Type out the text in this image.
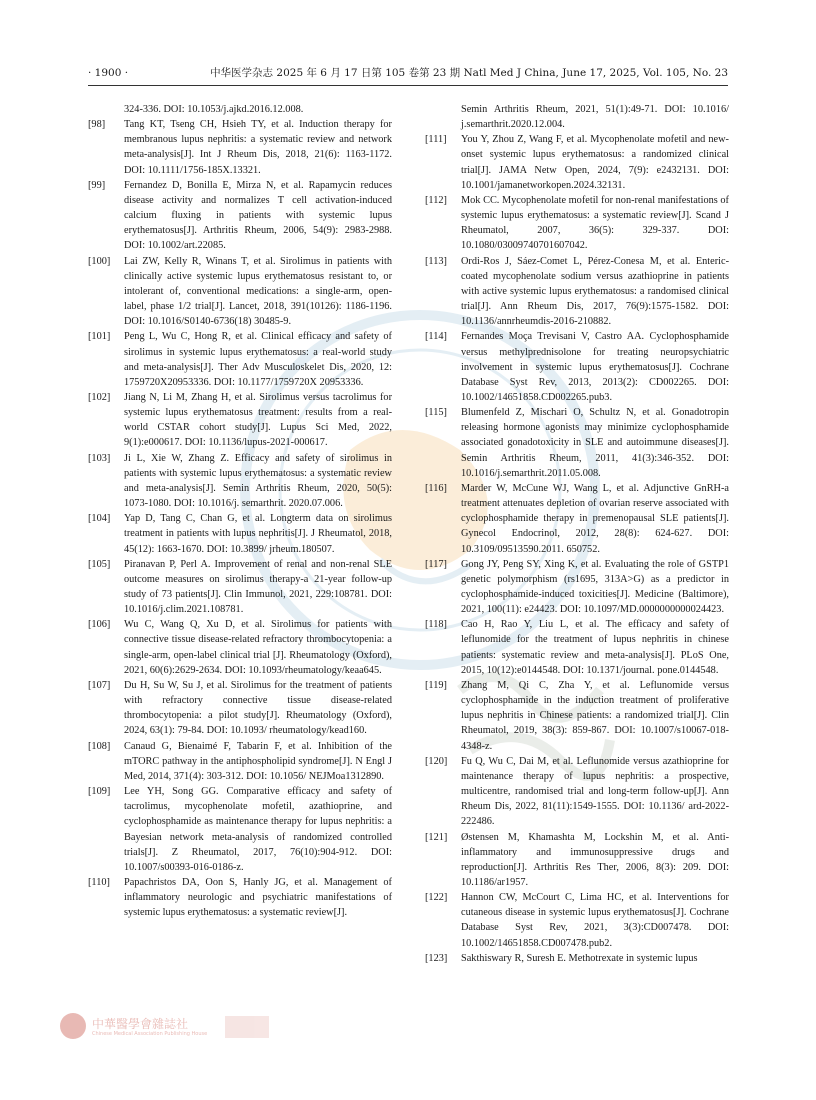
· 1900 ·	中华医学杂志 2025 年 6 月 17 日第 105 卷第 23 期 Natl Med J China, June 17, 2025, Vol. 105, No. 23
324-336. DOI: 10.1053/j.ajkd.2016.12.008.
[98] Tang KT, Tseng CH, Hsieh TY, et al. Induction therapy for membranous lupus nephritis: a systematic review and network meta-analysis[J]. Int J Rheum Dis, 2018, 21(6): 1163-1172. DOI: 10.1111/1756-185X.13321.
[99] Fernandez D, Bonilla E, Mirza N, et al. Rapamycin reduces disease activity and normalizes T cell activation-induced calcium fluxing in patients with systemic lupus erythematosus[J]. Arthritis Rheum, 2006, 54(9): 2983-2988. DOI: 10.1002/art.22085.
[100] Lai ZW, Kelly R, Winans T, et al. Sirolimus in patients with clinically active systemic lupus erythematosus resistant to, or intolerant of, conventional medications: a single-arm, open-label, phase 1/2 trial[J]. Lancet, 2018, 391(10126): 1186-1196. DOI: 10.1016/S0140-6736(18) 30485-9.
[101] Peng L, Wu C, Hong R, et al. Clinical efficacy and safety of sirolimus in systemic lupus erythematosus: a real-world study and meta-analysis[J]. Ther Adv Musculoskelet Dis, 2020, 12: 1759720X20953336. DOI: 10.1177/1759720X 20953336.
[102] Jiang N, Li M, Zhang H, et al. Sirolimus versus tacrolimus for systemic lupus erythematosus treatment: results from a real-world CSTAR cohort study[J]. Lupus Sci Med, 2022, 9(1):e000617. DOI: 10.1136/lupus-2021-000617.
[103] Ji L, Xie W, Zhang Z. Efficacy and safety of sirolimus in patients with systemic lupus erythematosus: a systematic review and meta-analysis[J]. Semin Arthritis Rheum, 2020, 50(5): 1073-1080. DOI: 10.1016/j. semarthrit. 2020.07.006.
[104] Yap D, Tang C, Chan G, et al. Longterm data on sirolimus treatment in patients with lupus nephritis[J]. J Rheumatol, 2018, 45(12): 1663-1670. DOI: 10.3899/ jrheum.180507.
[105] Piranavan P, Perl A. Improvement of renal and non-renal SLE outcome measures on sirolimus therapy-a 21-year follow-up study of 73 patients[J]. Clin Immunol, 2021, 229:108781. DOI: 10.1016/j.clim.2021.108781.
[106] Wu C, Wang Q, Xu D, et al. Sirolimus for patients with connective tissue disease-related refractory thrombocytopenia: a single-arm, open-label clinical trial [J]. Rheumatology (Oxford), 2021, 60(6):2629-2634. DOI: 10.1093/rheumatology/keaa645.
[107] Du H, Su W, Su J, et al. Sirolimus for the treatment of patients with refractory connective tissue disease-related thrombocytopenia: a pilot study[J]. Rheumatology (Oxford), 2024, 63(1): 79-84. DOI: 10.1093/ rheumatology/kead160.
[108] Canaud G, Bienaimé F, Tabarin F, et al. Inhibition of the mTORC pathway in the antiphospholipid syndrome[J]. N Engl J Med, 2014, 371(4): 303-312. DOI: 10.1056/ NEJMoa1312890.
[109] Lee YH, Song GG. Comparative efficacy and safety of tacrolimus, mycophenolate mofetil, azathioprine, and cyclophosphamide as maintenance therapy for lupus nephritis: a Bayesian network meta-analysis of randomized controlled trials[J]. Z Rheumatol, 2017, 76(10):904-912. DOI: 10.1007/s00393-016-0186-z.
[110] Papachristos DA, Oon S, Hanly JG, et al. Management of inflammatory neurologic and psychiatric manifestations of systemic lupus erythematosus: a systematic review[J].
Semin Arthritis Rheum, 2021, 51(1):49-71. DOI: 10.1016/ j.semarthrit.2020.12.004.
[111] You Y, Zhou Z, Wang F, et al. Mycophenolate mofetil and new-onset systemic lupus erythematosus: a randomized clinical trial[J]. JAMA Netw Open, 2024, 7(9): e2432131. DOI: 10.1001/jamanetworkopen.2024.32131.
[112] Mok CC. Mycophenolate mofetil for non-renal manifestations of systemic lupus erythematosus: a systematic review[J]. Scand J Rheumatol, 2007, 36(5): 329-337. DOI: 10.1080/03009740701607042.
[113] Ordi-Ros J, Sáez-Comet L, Pérez-Conesa M, et al. Enteric-coated mycophenolate sodium versus azathioprine in patients with active systemic lupus erythematosus: a randomised clinical trial[J]. Ann Rheum Dis, 2017, 76(9):1575-1582. DOI: 10.1136/annrheumdis-2016-210882.
[114] Fernandes Moça Trevisani V, Castro AA. Cyclophosphamide versus methylprednisolone for treating neuropsychiatric involvement in systemic lupus erythematosus[J]. Cochrane Database Syst Rev, 2013, 2013(2): CD002265. DOI: 10.1002/14651858.CD002265.pub3.
[115] Blumenfeld Z, Mischari O, Schultz N, et al. Gonadotropin releasing hormone agonists may minimize cyclophosphamide associated gonadotoxicity in SLE and autoimmune diseases[J]. Semin Arthritis Rheum, 2011, 41(3):346-352. DOI: 10.1016/j.semarthrit.2011.05.008.
[116] Marder W, McCune WJ, Wang L, et al. Adjunctive GnRH-a treatment attenuates depletion of ovarian reserve associated with cyclophosphamide therapy in premenopausal SLE patients[J]. Gynecol Endocrinol, 2012, 28(8): 624-627. DOI: 10.3109/09513590.2011. 650752.
[117] Gong JY, Peng SY, Xing K, et al. Evaluating the role of GSTP1 genetic polymorphism (rs1695, 313A>G) as a predictor in cyclophosphamide-induced toxicities[J]. Medicine (Baltimore), 2021, 100(11): e24423. DOI: 10.1097/MD.0000000000024423.
[118] Cao H, Rao Y, Liu L, et al. The efficacy and safety of leflunomide for the treatment of lupus nephritis in chinese patients: systematic review and meta-analysis[J]. PLoS One, 2015, 10(12):e0144548. DOI: 10.1371/journal. pone.0144548.
[119] Zhang M, Qi C, Zha Y, et al. Leflunomide versus cyclophosphamide in the induction treatment of proliferative lupus nephritis in Chinese patients: a randomized trial[J]. Clin Rheumatol, 2019, 38(3): 859-867. DOI: 10.1007/s10067-018-4348-z.
[120] Fu Q, Wu C, Dai M, et al. Leflunomide versus azathioprine for maintenance therapy of lupus nephritis: a prospective, multicentre, randomised trial and long-term follow-up[J]. Ann Rheum Dis, 2022, 81(11):1549-1555. DOI: 10.1136/ ard-2022-222486.
[121] Østensen M, Khamashta M, Lockshin M, et al. Anti-inflammatory and immunosuppressive drugs and reproduction[J]. Arthritis Res Ther, 2006, 8(3): 209. DOI: 10.1186/ar1957.
[122] Hannon CW, McCourt C, Lima HC, et al. Interventions for cutaneous disease in systemic lupus erythematosus[J]. Cochrane Database Syst Rev, 2021, 3(3):CD007478. DOI: 10.1002/14651858.CD007478.pub2.
[123] Sakthiswary R, Suresh E. Methotrexate in systemic lupus
中華醫學會雜誌社
Chinese Medical Association Publishing House
